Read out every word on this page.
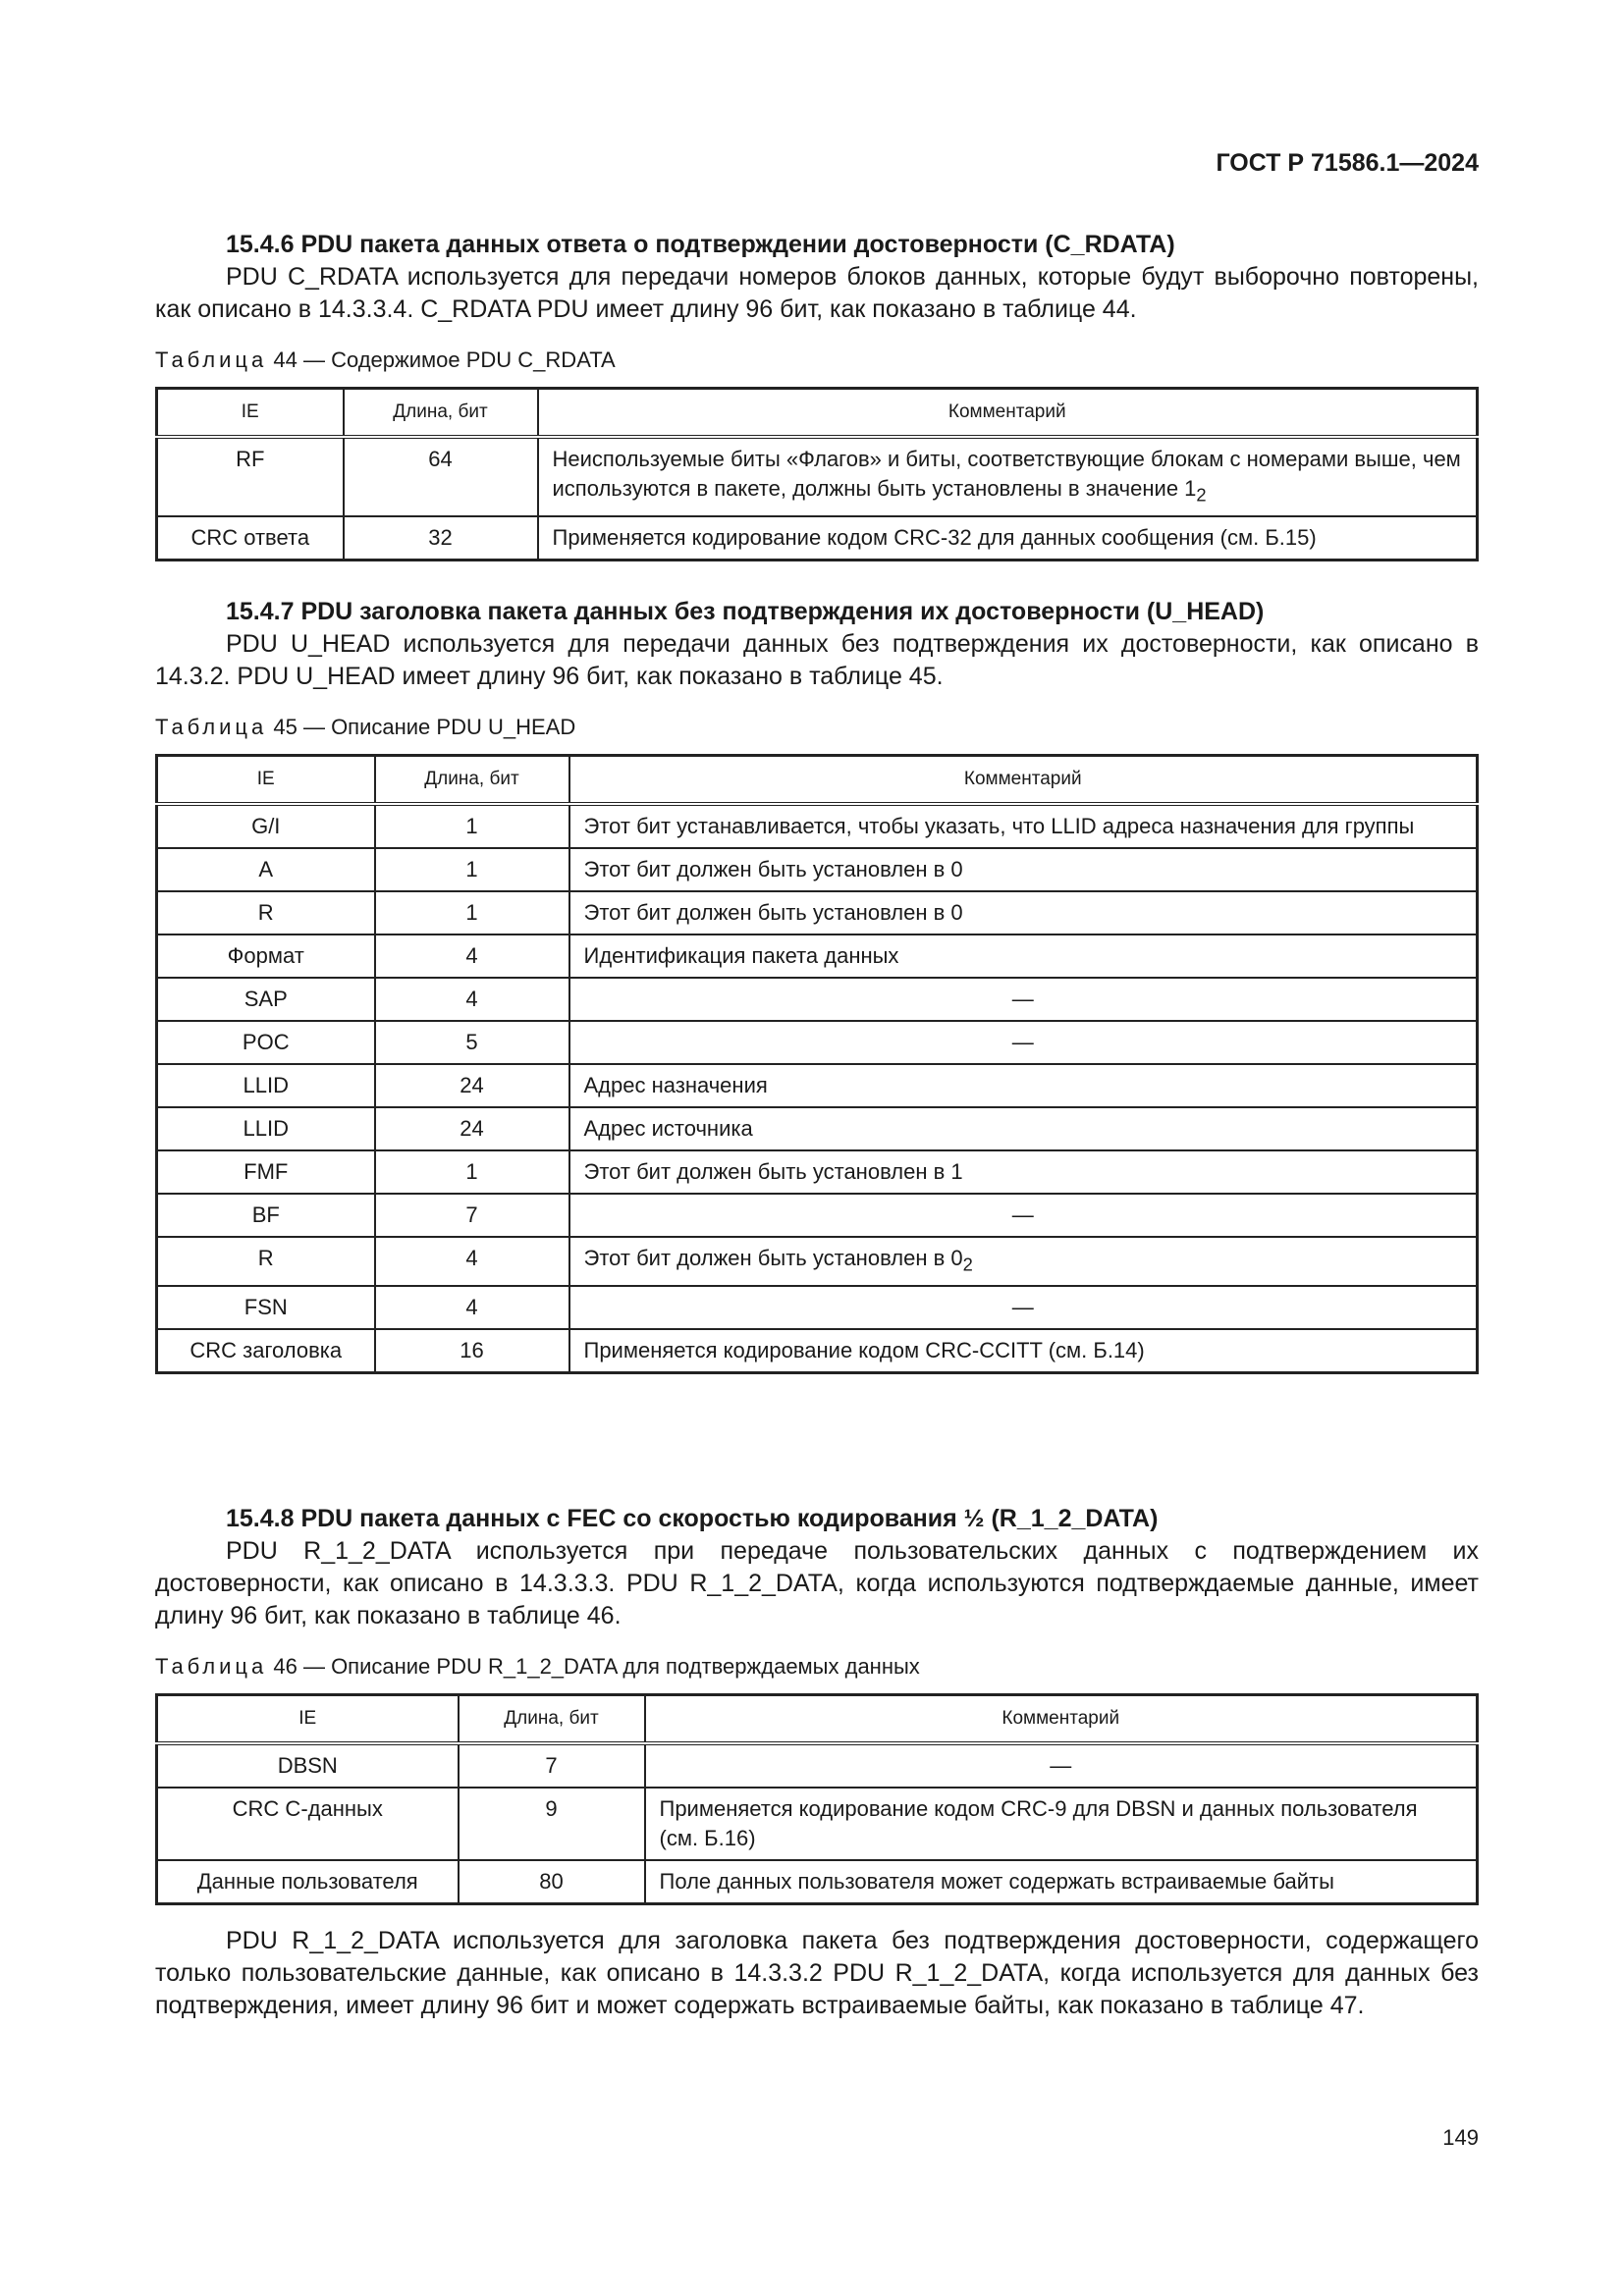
ГОСТ Р 71586.1—2024
15.4.6 PDU пакета данных ответа о подтверждении достоверности (C_RDATA)

PDU C_RDATA используется для передачи номеров блоков данных, которые будут выборочно повторены, как описано в 14.3.3.4. C_RDATA PDU имеет длину 96 бит, как показано в таблице 44.

Таблица 44 — Содержимое PDU C_RDATA

IE	Длина, бит	Комментарий
RF	64	Неиспользуемые биты «Флагов» и биты, соответствующие блокам с номерами выше, чем используются в пакете, должны быть установлены в значение $1_2$
CRC ответа	32	Применяется кодирование кодом CRC-32 для данных сообщения (см. Б.15)
15.4.7 PDU заголовка пакета данных без подтверждения их достоверности (U_HEAD)

PDU U_HEAD используется для передачи данных без подтверждения их достоверности, как описано в 14.3.2. PDU U_HEAD имеет длину 96 бит, как показано в таблице 45.

Таблица 45 — Описание PDU U_HEAD

IE	Длина, бит	Комментарий
G/I	1	Этот бит устанавливается, чтобы указать, что LLID адреса назначения для группы
A	1	Этот бит должен быть установлен в 0
R	1	Этот бит должен быть установлен в 0
Формат	4	Идентификация пакета данных
SAP	4	—
POC	5	—
LLID	24	Адрес назначения
LLID	24	Адрес источника
FMF	1	Этот бит должен быть установлен в 1
BF	7	—
R	4	Этот бит должен быть установлен в $0_2$
FSN	4	—
CRC заголовка	16	Применяется кодирование кодом CRC-CCITT (см. Б.14)
15.4.8 PDU пакета данных с FEC со скоростью кодирования ½ (R_1_2_DATA)

PDU R_1_2_DATA используется при передаче пользовательских данных с подтверждением их достоверности, как описано в 14.3.3.3. PDU R_1_2_DATA, когда используются подтверждаемые данные, имеет длину 96 бит, как показано в таблице 46.

Таблица 46 — Описание PDU R_1_2_DATA для подтверждаемых данных

IE	Длина, бит	Комментарий
DBSN	7	—
CRC C-данных	9	Применяется кодирование кодом CRC-9 для DBSN и данных пользователя (см. Б.16)
Данные пользователя	80	Поле данных пользователя может содержать встраиваемые байты

PDU R_1_2_DATA используется для заголовка пакета без подтверждения достоверности, содержащего только пользовательские данные, как описано в 14.3.3.2 PDU R_1_2_DATA, когда используется для данных без подтверждения, имеет длину 96 бит и может содержать встраиваемые байты, как показано в таблице 47.

149
